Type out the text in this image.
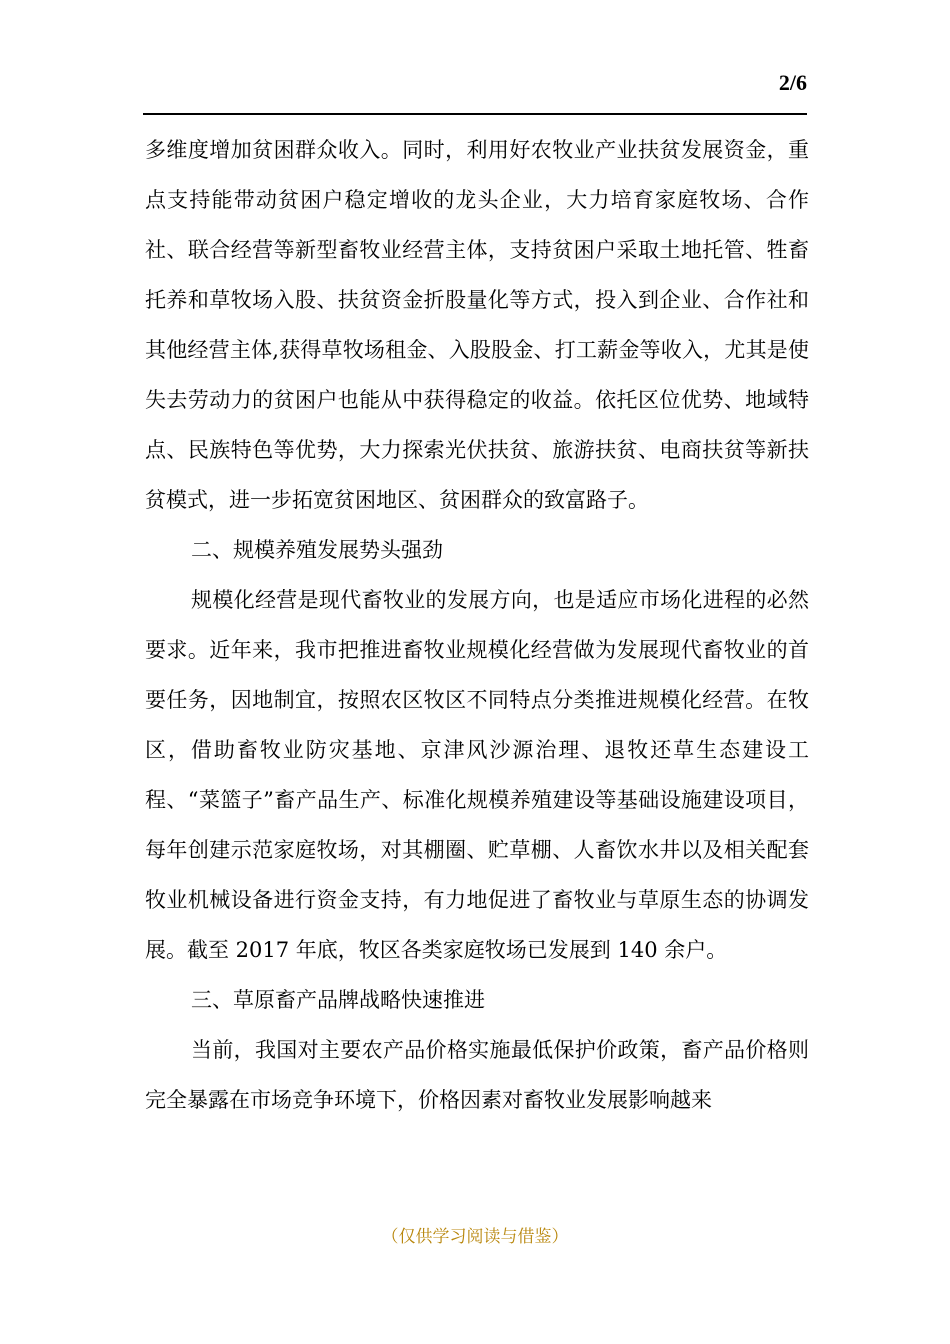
2/6

多维度增加贫困群众收入。同时，利用好农牧业产业扶贫发展资金，重点支持能带动贫困户稳定增收的龙头企业，大力培育家庭牧场、合作社、联合经营等新型畜牧业经营主体，支持贫困户采取土地托管、牲畜托养和草牧场入股、扶贫资金折股量化等方式，投入到企业、合作社和其他经营主体,获得草牧场租金、入股股金、打工薪金等收入，尤其是使失去劳动力的贫困户也能从中获得稳定的收益。依托区位优势、地域特点、民族特色等优势，大力探索光伏扶贫、旅游扶贫、电商扶贫等新扶贫模式，进一步拓宽贫困地区、贫困群众的致富路子。

二、规模养殖发展势头强劲

规模化经营是现代畜牧业的发展方向，也是适应市场化进程的必然要求。近年来，我市把推进畜牧业规模化经营做为发展现代畜牧业的首要任务，因地制宜，按照农区牧区不同特点分类推进规模化经营。在牧区，借助畜牧业防灾基地、京津风沙源治理、退牧还草生态建设工程、“菜篮子”畜产品生产、标准化规模养殖建设等基础设施建设项目，每年创建示范家庭牧场，对其棚圈、贮草棚、人畜饮水井以及相关配套牧业机械设备进行资金支持，有力地促进了畜牧业与草原生态的协调发展。截至 2017 年底，牧区各类家庭牧场已发展到 140 余户。

三、草原畜产品牌战略快速推进

当前，我国对主要农产品价格实施最低保护价政策，畜产品价格则完全暴露在市场竞争环境下，价格因素对畜牧业发展影响越来

（仅供学习阅读与借鉴）
